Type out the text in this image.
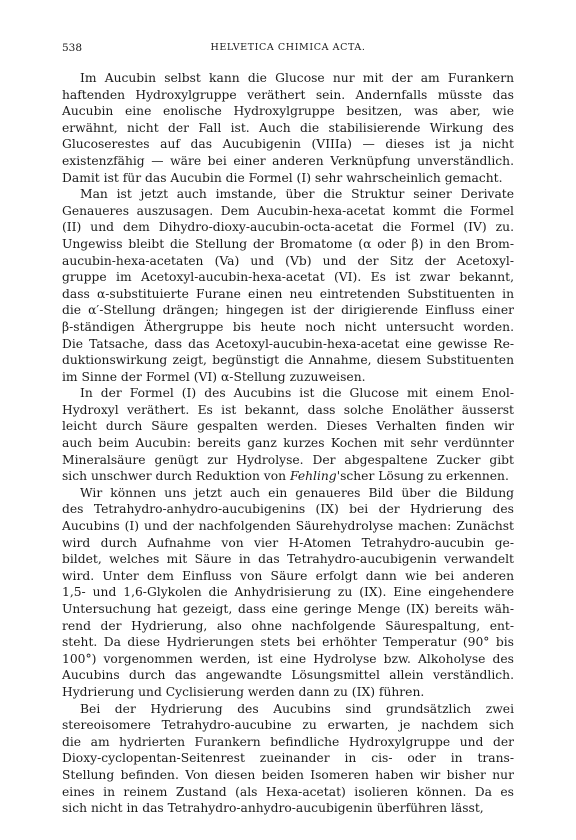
538	HELVETICA CHIMICA ACTA.
Im Aucubin selbst kann die Glucose nur mit der am Furankern
haftenden Hydroxylgruppe veräthert sein. Andernfalls müsste das
Aucubin eine enolische Hydroxylgruppe besitzen, was aber, wie
erwähnt, nicht der Fall ist. Auch die stabilisierende Wirkung des
Glucoserestes auf das Aucubigenin (VIIIa) — dieses ist ja nicht
existenzfähig — wäre bei einer anderen Verknüpfung unverständlich.
Damit ist für das Aucubin die Formel (I) sehr wahrscheinlich gemacht.
Man ist jetzt auch imstande, über die Struktur seiner Derivate
Genaueres auszusagen. Dem Aucubin-hexa-acetat kommt die Formel
(II) und dem Dihydro-dioxy-aucubin-octa-acetat die Formel (IV) zu.
Ungewiss bleibt die Stellung der Bromatome (α oder β) in den Brom-
aucubin-hexa-acetaten (Va) und (Vb) und der Sitz der Acetoxyl-
gruppe im Acetoxyl-aucubin-hexa-acetat (VI). Es ist zwar bekannt,
dass α-substituierte Furane einen neu eintretenden Substituenten in
die α′-Stellung drängen; hingegen ist der dirigierende Einfluss einer
β-ständigen Äthergruppe bis heute noch nicht untersucht worden.
Die Tatsache, dass das Acetoxyl-aucubin-hexa-acetat eine gewisse Re-
duktionswirkung zeigt, begünstigt die Annahme, diesem Substituenten
im Sinne der Formel (VI) α-Stellung zuzuweisen.
In der Formel (I) des Aucubins ist die Glucose mit einem Enol-
Hydroxyl veräthert. Es ist bekannt, dass solche Enoläther äusserst
leicht durch Säure gespalten werden. Dieses Verhalten finden wir
auch beim Aucubin: bereits ganz kurzes Kochen mit sehr verdünnter
Mineralsäure genügt zur Hydrolyse. Der abgespaltene Zucker gibt
sich unschwer durch Reduktion von Fehling'scher Lösung zu erkennen.
Wir können uns jetzt auch ein genaueres Bild über die Bildung
des Tetrahydro-anhydro-aucubigenins (IX) bei der Hydrierung des
Aucubins (I) und der nachfolgenden Säurehydrolyse machen: Zunächst
wird durch Aufnahme von vier H-Atomen Tetrahydro-aucubin ge-
bildet, welches mit Säure in das Tetrahydro-aucubigenin verwandelt
wird. Unter dem Einfluss von Säure erfolgt dann wie bei anderen
1,5- und 1,6-Glykolen die Anhydrisierung zu (IX). Eine eingehendere
Untersuchung hat gezeigt, dass eine geringe Menge (IX) bereits wäh-
rend der Hydrierung, also ohne nachfolgende Säurespaltung, ent-
steht. Da diese Hydrierungen stets bei erhöhter Temperatur (90° bis
100°) vorgenommen werden, ist eine Hydrolyse bzw. Alkoholyse des
Aucubins durch das angewandte Lösungsmittel allein verständlich.
Hydrierung und Cyclisierung werden dann zu (IX) führen.
Bei der Hydrierung des Aucubins sind grundsätzlich zwei
stereoisomere Tetrahydro-aucubine zu erwarten, je nachdem sich
die am hydrierten Furankern befindliche Hydroxylgruppe und der
Dioxy-cyclopentan-Seitenrest zueinander in cis- oder in trans-
Stellung befinden. Von diesen beiden Isomeren haben wir bisher nur
eines in reinem Zustand (als Hexa-acetat) isolieren können. Da es
sich nicht in das Tetrahydro-anhydro-aucubigenin überführen lässt,
